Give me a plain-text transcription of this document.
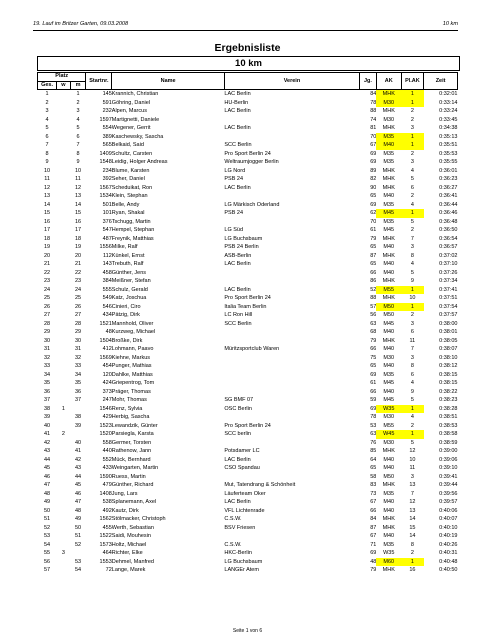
19. Lauf im Britzer Garten, 09.03.2008	10 km
Ergebnisliste
10 km
Platz			Startnr.	Name	Verein	Jg.	AK	Pl.AK	Zeit
Ges.	w	m							
1		1	145	Krannich, Christian	LAC Berlin	84	MHK	1	0:32:01
2		2	591	Göhring, Daniel	HU-Berlin	78	M30	1	0:33:14
3		3	232	Alpen, Marcus	LAC Berlin	88	MHK	2	0:33:24
4		4	1597	Martignetti, Daniele		74	M30	2	0:33:45
5		5	554	Wegener, Gerrit	LAC Berlin	81	MHK	3	0:34:38
6		6	389	Kaschewsky, Sascha		70	M35	1	0:35:13
7		7	565	Belkaid, Said	SCC Berlin	67	M40	1	0:35:51
8		8	1409	Schultz, Carsten	Pro Sport Berlin 24	69	M35	2	0:35:53
9		9	1548	Leidig, Holger Andreas	Weltraumjogger Berlin	69	M35	3	0:35:55
10		10	234	Blume, Karsten	LG Nord	89	MHK	4	0:36:01
11		11	392	Seher, Daniel	PSB 24	82	MHK	5	0:36:23
12		12	1567	Scheduikat, Ron	LAC Berlin	90	MHK	6	0:36:27
13		13	1534	Klein, Stephan		65	M40	2	0:36:41
14		14	501	Belle, Andy	LG Märkisch Oderland	69	M35	4	0:36:44
15		15	101	Ryan, Shakal	PSB 24	62	M45	1	0:36:46
16		16	376	Tschugg, Martin		70	M35	5	0:36:48
17		17	547	Hempel, Stephan	LG Süd	61	M45	2	0:36:50
18		18	487	Freynik, Matthias	LG Buchsbaum	79	MHK	7	0:36:54
19		19	1556	Milke, Ralf	PSB 24 Berlin	65	M40	3	0:36:57
20		20	112	Künkel, Ernst	ASB-Berlin	87	MHK	8	0:37:02
21		21	143	Trebuth, Ralf	LAC Berlin	65	M40	4	0:37:10
22		22	458	Günther, Jens		66	M40	5	0:37:26
23		23	384	Meißner, Stefan		86	MHK	9	0:37:34
24		24	555	Schulz, Gerald	LAC Berlin	52	M55	1	0:37:41
25		25	549	Katz, Joschua	Pro Sport Berlin 24	88	MHK	10	0:37:51
26		26	546	Cinieri, Ciro	Italia Team Berlin	57	M50	1	0:37:54
27		27	434	Pätzig, Dirk	LC Ron Hill	56	M50	2	0:37:57
28		28	1521	Mannhold, Oliver	SCC Berlin	63	M45	3	0:38:00
29		29	48	Kurzweg, Michael		68	M40	6	0:38:01
30		30	1504	Broßke, Dirk		79	MHK	11	0:38:05
31		31	412	Lohmann, Paavo	Müritzsportclub Waren	66	M40	7	0:38:07
32		32	1569	Kiehne, Markus		75	M30	3	0:38:10
33		33	454	Punger, Mathias		65	M40	8	0:38:12
34		34	120	Dahlke, Matthias		69	M35	6	0:38:15
35		35	424	Griepentrog, Tom		61	M45	4	0:38:15
36		36	373	Präger, Thomas		66	M40	9	0:38:22
37		37	247	Mohr, Thomas	SG BMF 07	59	M45	5	0:38:23
38	1		1546	Renz, Sylvia	OSC Berlin	69	W35	1	0:38:28
39		38	429	Herbig, Sascha		78	M30	4	0:38:51
40		39	1523	Lewandzik, Günter	Pro Sport Berlin 24	53	M55	2	0:38:53
41	2		1520	Parsiegla, Karsta	SCC berlin	63	W45	1	0:38:58
42		40	558	Germer, Torsten		76	M30	5	0:38:59
43		41	440	Rathenow, Jann	Potsdamer LC	85	MHK	12	0:39:00
44		42	552	Mück, Bernhard	LAC Berlin	64	M40	10	0:39:06
45		43	433	Weingarten, Martin	CSO Spandau	65	M40	11	0:39:10
46		44	1590	Ruess, Martin		58	M50	3	0:39:41
47		45	479	Günther, Richard	Mut, Tatendrang & Schönheit	83	MHK	13	0:39:44
48		46	1408	Jung, Lars	Läuferteam Oker	73	M35	7	0:39:56
49		47	538	Splanemann, Axel	LAC Berlin	67	M40	12	0:39:57
50		48	492	Kautz, Dirk	VFL Lichtenrade	66	M40	13	0:40:06
51		49	1562	Stölmacker, Christoph	C.S.W.	84	MHK	14	0:40:07
52		50	455	Werth, Sebastian	BSV Friesen	87	MHK	15	0:40:10
53		51	1522	Saidi, Mouhesin		67	M40	14	0:40:19
54		52	1573	Holtz, Michael	C.S.W.	71	M35	8	0:40:26
55	3		464	Richter, Elke	HKC-Berlin	69	W35	2	0:40:31
56		53	1553	Dehmel, Manfred	LG Buchsbaum	48	M60	1	0:40:48
57		54	72	Lange, Marek	LANGEr Atem	79	MHK	16	0:40:50
Seite 1 von 6
